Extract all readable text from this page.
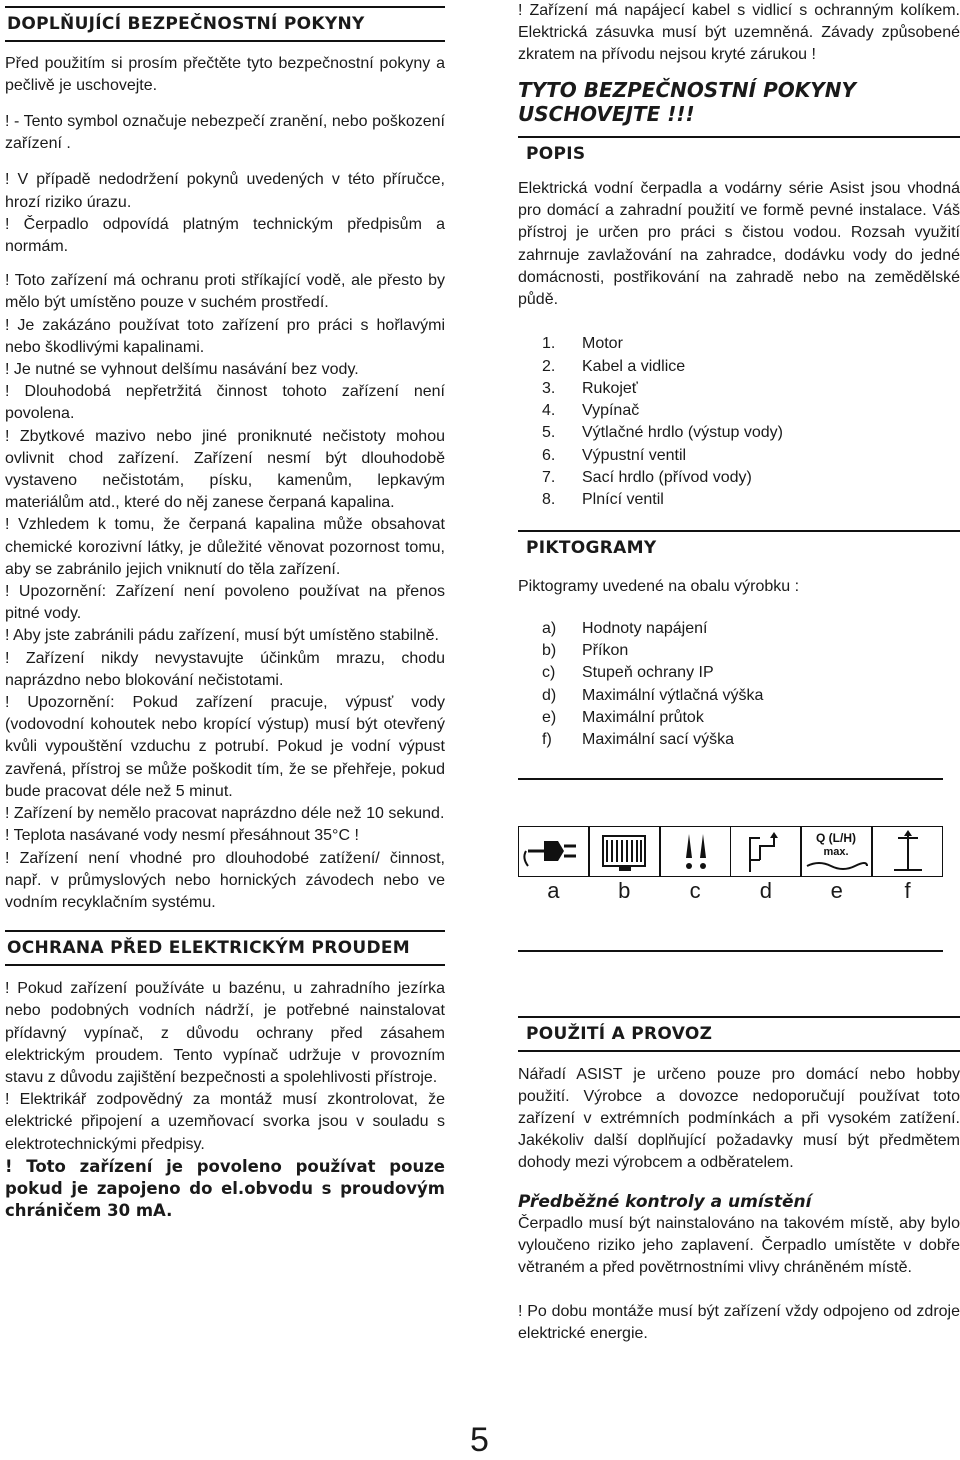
DOPLŇUJÍCÍ BEZPEČNOSTNÍ POKYNY

Před použitím si prosím přečtěte tyto bezpečnostní pokyny a pečlivě je uschovejte.

! - Tento symbol označuje nebezpečí zranění, nebo poškození zařízení .

! V případě nedodržení pokynů uvedených v této příručce, hrozí riziko úrazu.

! Čerpadlo odpovídá platným technickým předpisům a normám.

! Toto zařízení má ochranu proti stříkající vodě, ale přesto by mělo být umístěno pouze v suchém prostředí.

! Je zakázáno používat toto zařízení pro práci s hořlavými nebo škodlivými kapalinami.

! Je nutné se vyhnout delšímu nasávání bez vody.

! Dlouhodobá nepřetržitá činnost tohoto zařízení není povolena.

! Zbytkové mazivo nebo jiné proniknuté nečistoty mohou ovlivnit chod zařízení. Zařízení nesmí být dlouhodobě vystaveno nečistotám, písku, kamenům, lepkavým materiálům atd., které do něj zanese čerpaná kapalina.

! Vzhledem k tomu, že čerpaná kapalina může obsahovat chemické korozivní látky, je důležité věnovat pozornost tomu, aby se zabránilo jejich vniknutí do těla zařízení.

! Upozornění: Zařízení není povoleno používat na přenos pitné vody.

! Aby jste zabránili pádu zařízení, musí být umístěno stabilně.

! Zařízení nikdy nevystavujte účinkům mrazu, chodu naprázdno nebo blokování nečistotami.

! Upozornění: Pokud zařízení pracuje, výpusť vody (vodovodní kohoutek nebo kropící výstup) musí být otevřený kvůli vypouštění vzduchu z potrubí. Pokud je vodní výpust zavřená, přístroj se může poškodit tím, že se přehřeje, pokud bude pracovat déle než 5 minut.

! Zařízení by nemělo pracovat naprázdno déle než 10 sekund.

! Teplota nasávané vody nesmí přesáhnout 35°C !

! Zařízení není vhodné pro dlouhodobé zatížení/ činnost, např. v průmyslových nebo hornických závodech nebo ve vodním recyklačním systému.

OCHRANA PŘED ELEKTRICKÝM PROUDEM

! Pokud zařízení používáte u bazénu, u zahradního jezírka nebo podobných vodních nádrží, je potřebné nainstalovat přídavný vypínač, z důvodu ochrany před zásahem elektrickým proudem. Tento vypínač udržuje v provozním stavu z důvodu zajištění bezpečnosti a spolehlivosti přístroje.

! Elektrikář zodpovědný za montáž musí zkontrolovat, že elektrické připojení a uzemňovací svorka jsou v souladu s elektrotechnickými předpisy.

! Toto zařízení je povoleno používat pouze pokud je zapojeno do el.obvodu s proudovým chráničem 30 mA.

! Zařízení má napájecí kabel s vidlicí s ochranným kolíkem. Elektrická zásuvka musí být uzemněná. Závady způsobené zkratem na přívodu nejsou kryté zárukou !

TYTO BEZPEČNOSTNÍ POKYNY USCHOVEJTE !!!
POPIS

Elektrická vodní čerpadla a vodárny série Asist jsou vhodná pro domácí a zahradní použití ve formě pevné instalace. Váš přístroj je určen pro práci s čistou vodou. Rozsah využití zahrnuje zavlažování na zahradce, dodávku vody do jedné domácnosti, postřikování na zahradě nebo na zemědělské půdě.

1.	Motor
2.	Kabel a vidlice
3.	Rukojeť
4.	Vypínač
5.	Výtlačné hrdlo (výstup vody)
6.	Výpustní ventil
7.	Sací hrdlo (přívod vody)
8.	Plnící ventil
PIKTOGRAMY

Piktogramy uvedené na obalu výrobku :

a)	Hodnoty napájení
b)	Příkon
c)	Stupeň ochrany IP
d)	Maximální výtlačná výška
e)	Maximální průtok
f)	Maximální sací výška
Q (L/H)
max.
a	b	c	d	e	f
POUŽITÍ A PROVOZ

Nářadí ASIST je určeno pouze pro domácí nebo hobby použití. Výrobce a dovozce nedoporučují používat toto zařízení v extrémních podmínkách a při vysokém zatížení. Jakékoliv další doplňující požadavky musí být předmětem dohody mezi výrobcem a odběratelem.

Předběžné kontroly a umístění

Čerpadlo musí být nainstalováno na takovém místě, aby bylo vyloučeno riziko jeho zaplavení. Čerpadlo umístěte v dobře větraném a před povětrnostními vlivy chráněném místě.

! Po dobu montáže musí být zařízení vždy odpojeno od zdroje elektrické energie.

5
